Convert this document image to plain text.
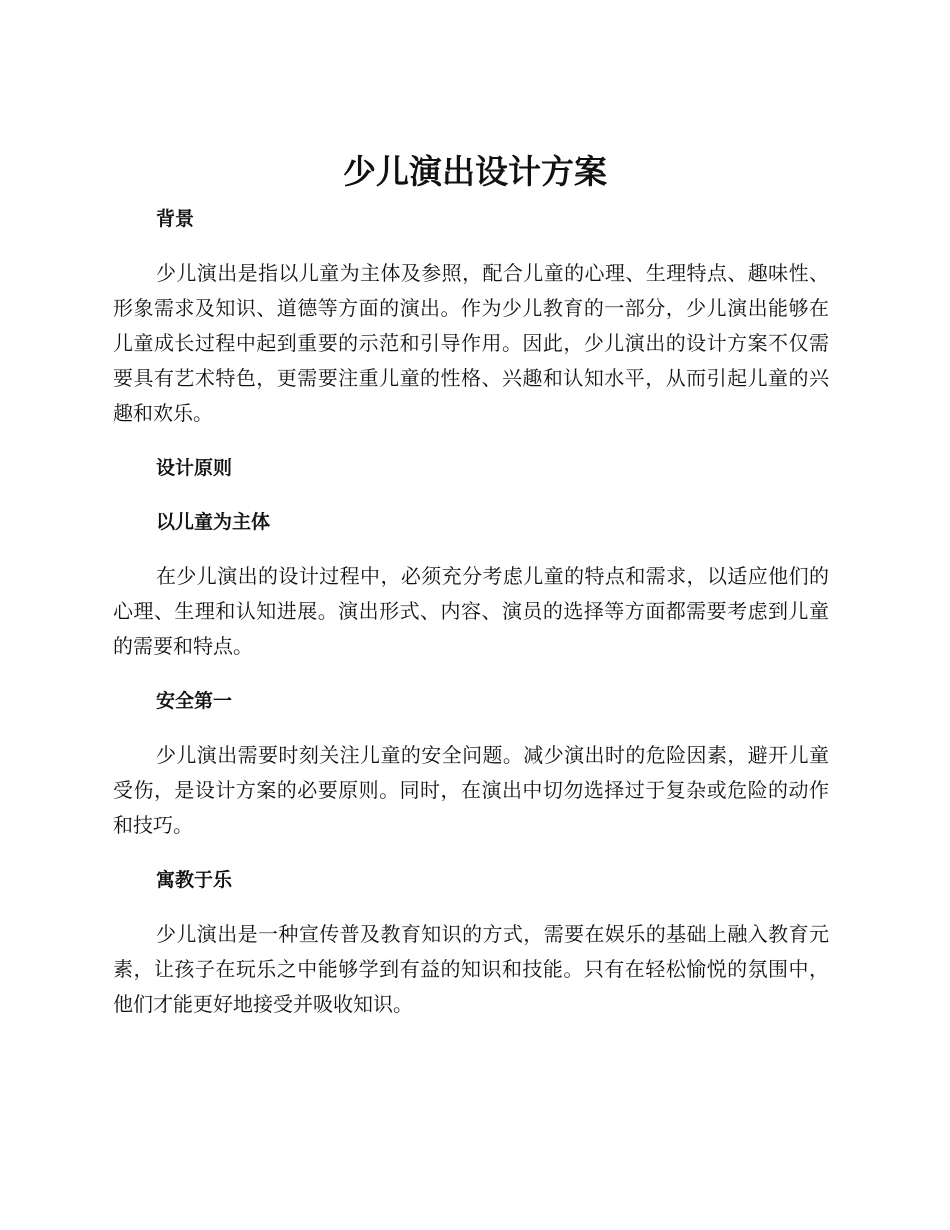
少儿演出设计方案
背景

少儿演出是指以儿童为主体及参照，配合儿童的心理、生理特点、趣味性、形象需求及知识、道德等方面的演出。作为少儿教育的一部分，少儿演出能够在儿童成长过程中起到重要的示范和引导作用。因此，少儿演出的设计方案不仅需要具有艺术特色，更需要注重儿童的性格、兴趣和认知水平，从而引起儿童的兴趣和欢乐。

设计原则
以儿童为主体

在少儿演出的设计过程中，必须充分考虑儿童的特点和需求，以适应他们的心理、生理和认知进展。演出形式、内容、演员的选择等方面都需要考虑到儿童的需要和特点。

安全第一

少儿演出需要时刻关注儿童的安全问题。减少演出时的危险因素，避开儿童受伤，是设计方案的必要原则。同时，在演出中切勿选择过于复杂或危险的动作和技巧。

寓教于乐

少儿演出是一种宣传普及教育知识的方式，需要在娱乐的基础上融入教育元素，让孩子在玩乐之中能够学到有益的知识和技能。只有在轻松愉悦的氛围中，他们才能更好地接受并吸收知识。
